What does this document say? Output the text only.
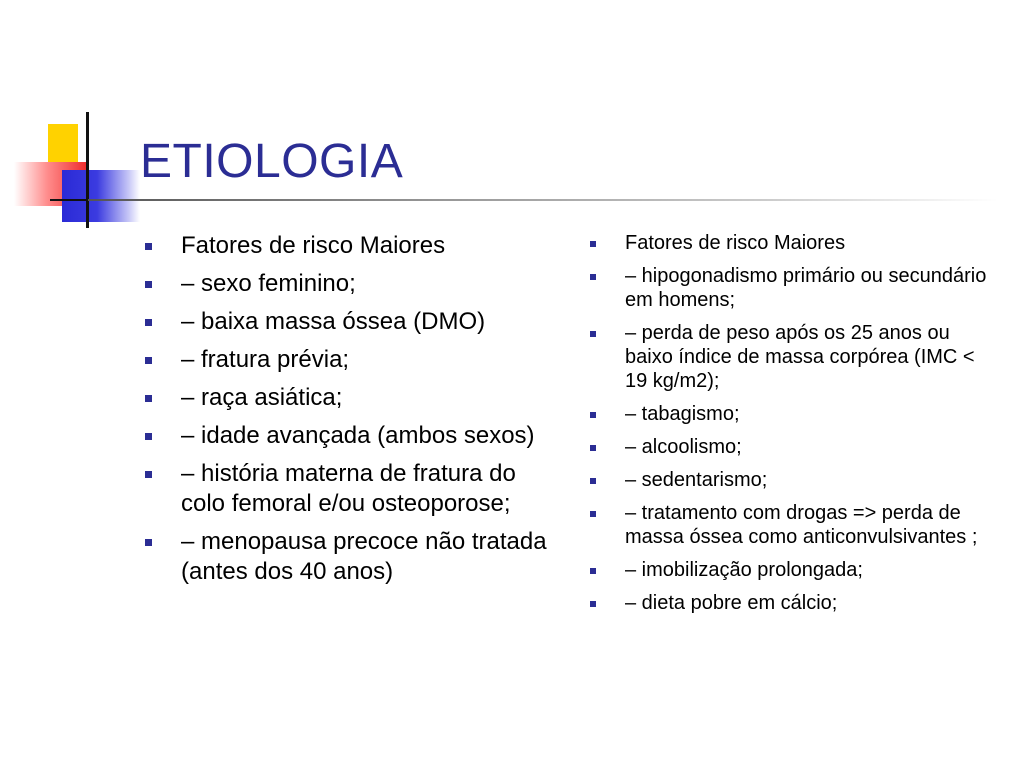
ETIOLOGIA
Fatores de risco Maiores
– sexo feminino;
– baixa massa óssea (DMO)
– fratura prévia;
– raça asiática;
– idade avançada (ambos sexos)
– história materna de fratura do colo femoral e/ou osteoporose;
– menopausa precoce não tratada (antes dos 40 anos)
Fatores de risco Maiores
– hipogonadismo primário ou secundário em homens;
– perda de peso após os 25 anos ou baixo índice de massa corpórea (IMC < 19 kg/m2);
– tabagismo;
– alcoolismo;
– sedentarismo;
– tratamento com drogas => perda de massa óssea como anticonvulsivantes ;
– imobilização prolongada;
– dieta pobre em cálcio;
